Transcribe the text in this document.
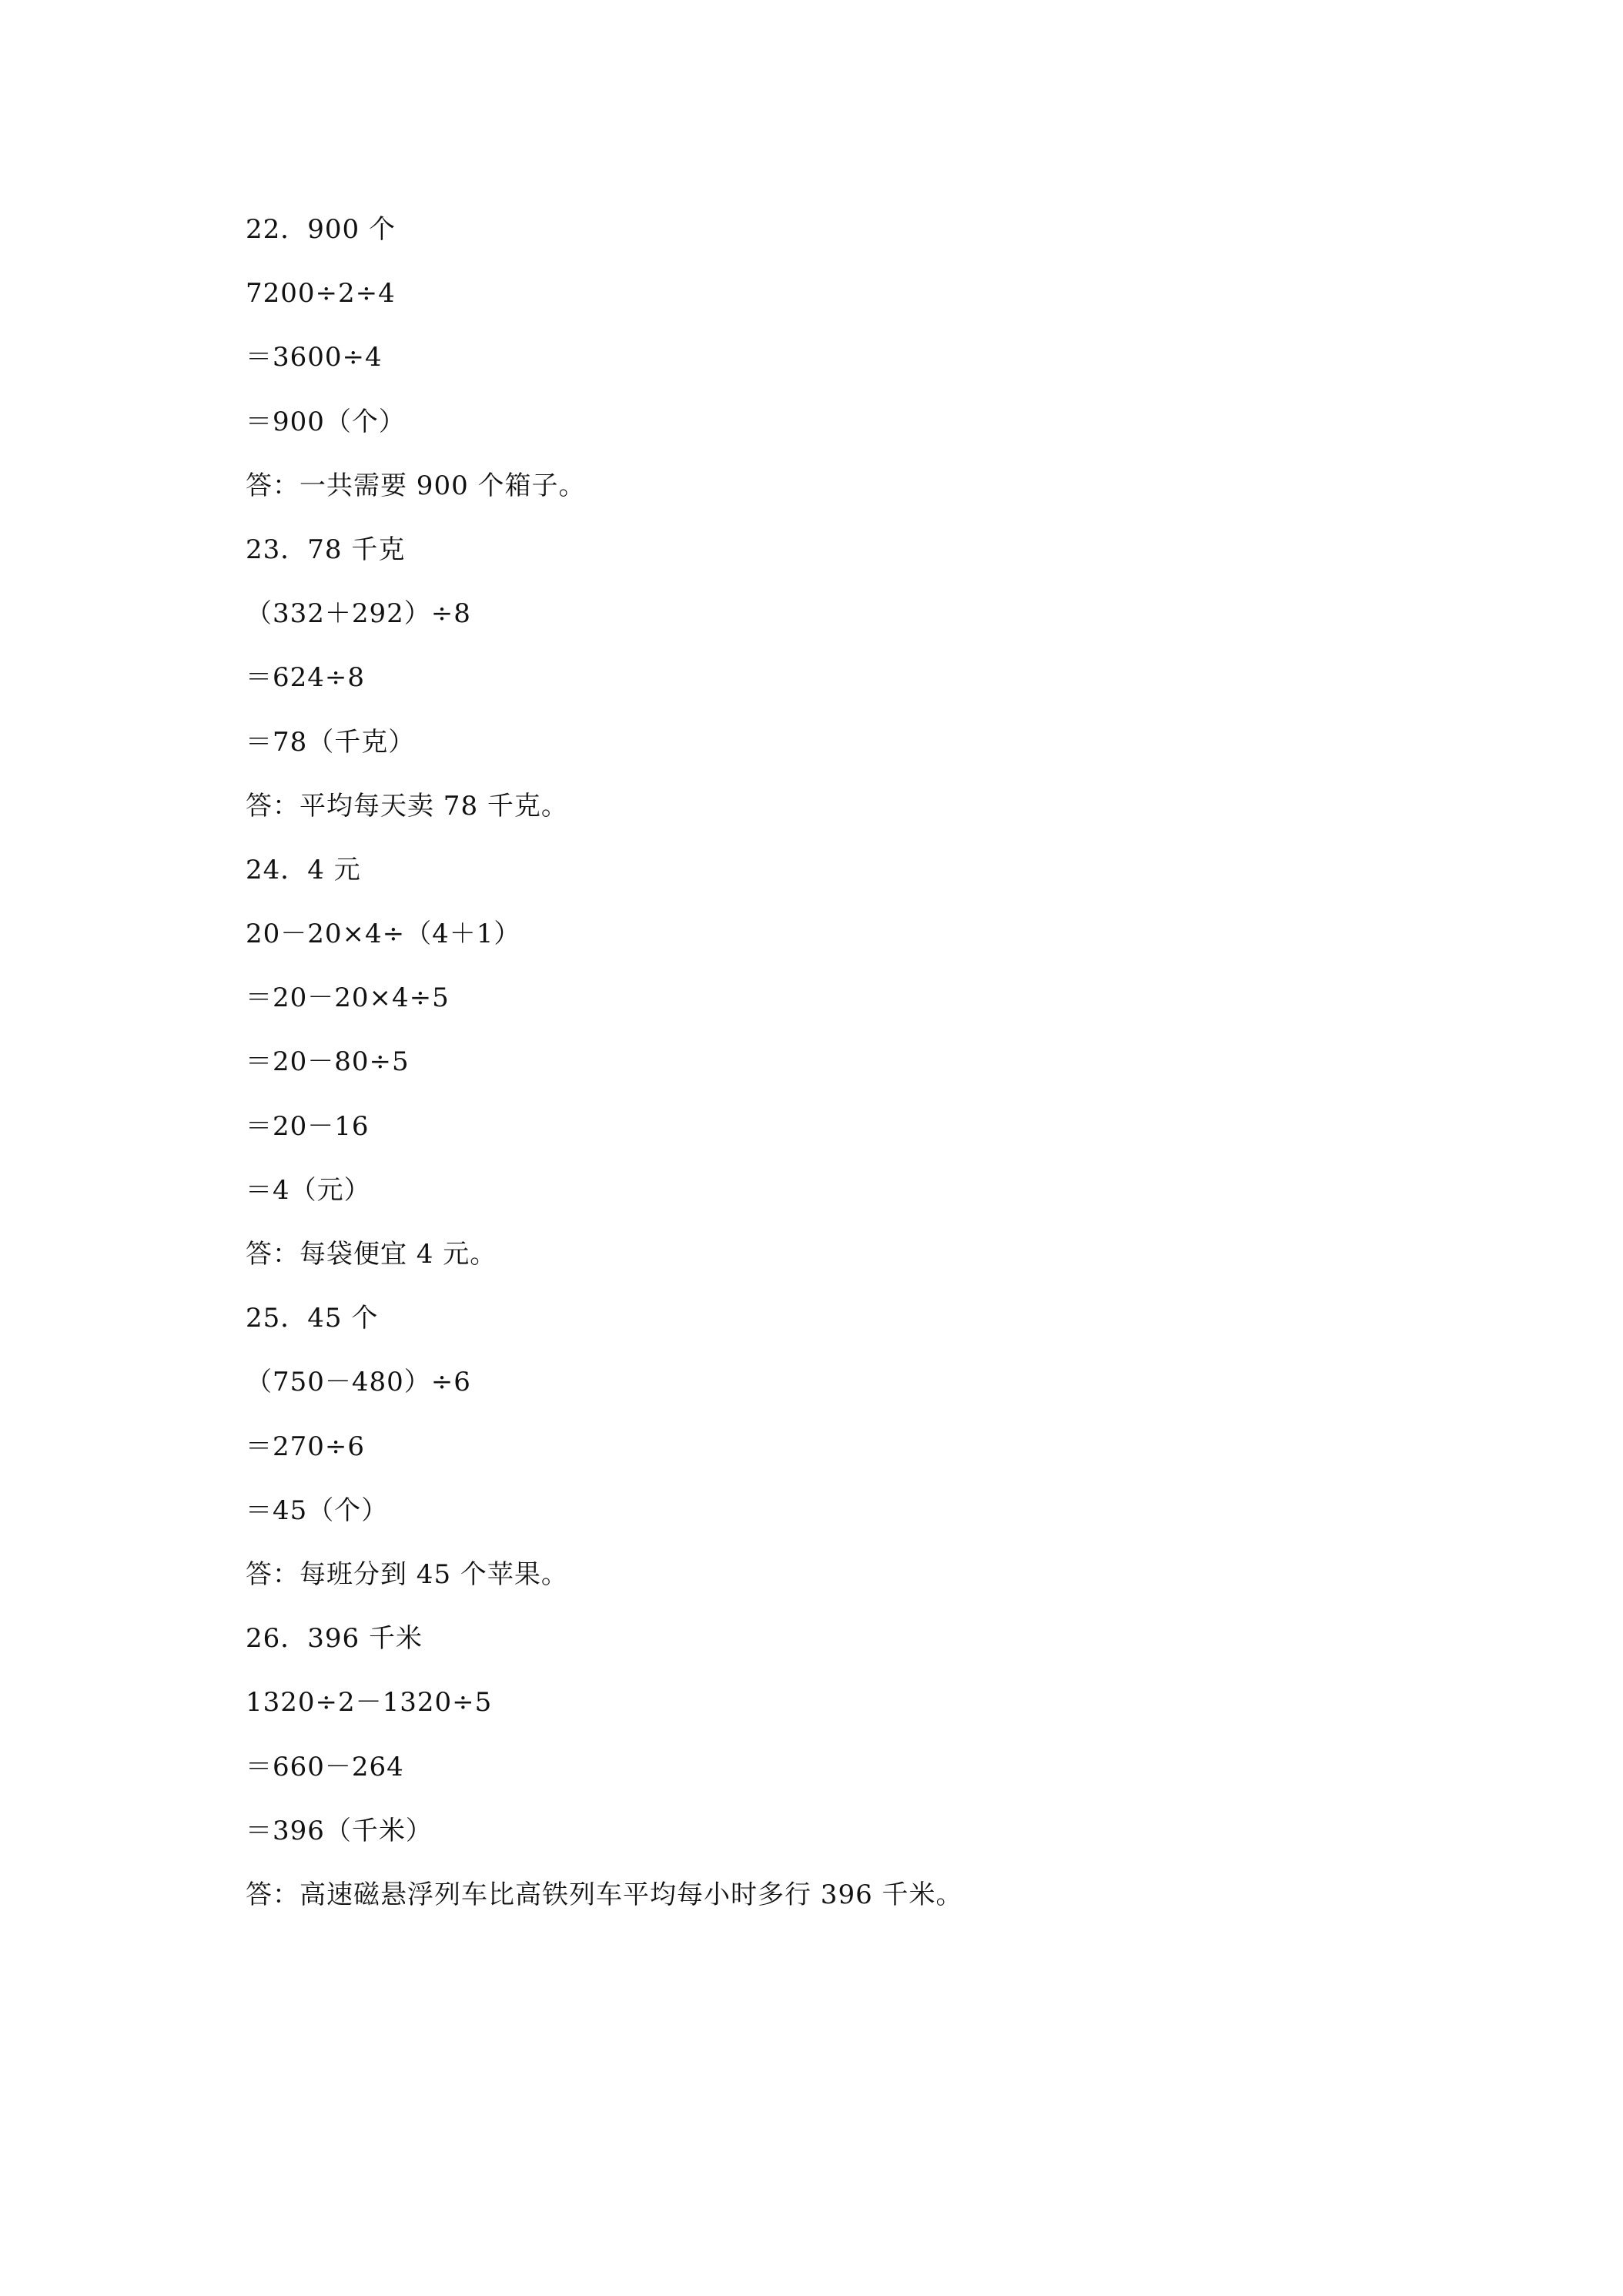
22．900 个
7200÷2÷4
＝3600÷4
＝900（个）
答：一共需要 900 个箱子。
23．78 千克
（332＋292）÷8
＝624÷8
＝78（千克）
答：平均每天卖 78 千克。
24．4 元
20－20×4÷（4＋1）
＝20－20×4÷5
＝20－80÷5
＝20－16
＝4（元）
答：每袋便宜 4 元。
25．45 个
（750－480）÷6
＝270÷6
＝45（个）
答：每班分到 45 个苹果。
26．396 千米
1320÷2－1320÷5
＝660－264
＝396（千米）
答：高速磁悬浮列车比高铁列车平均每小时多行 396 千米。
